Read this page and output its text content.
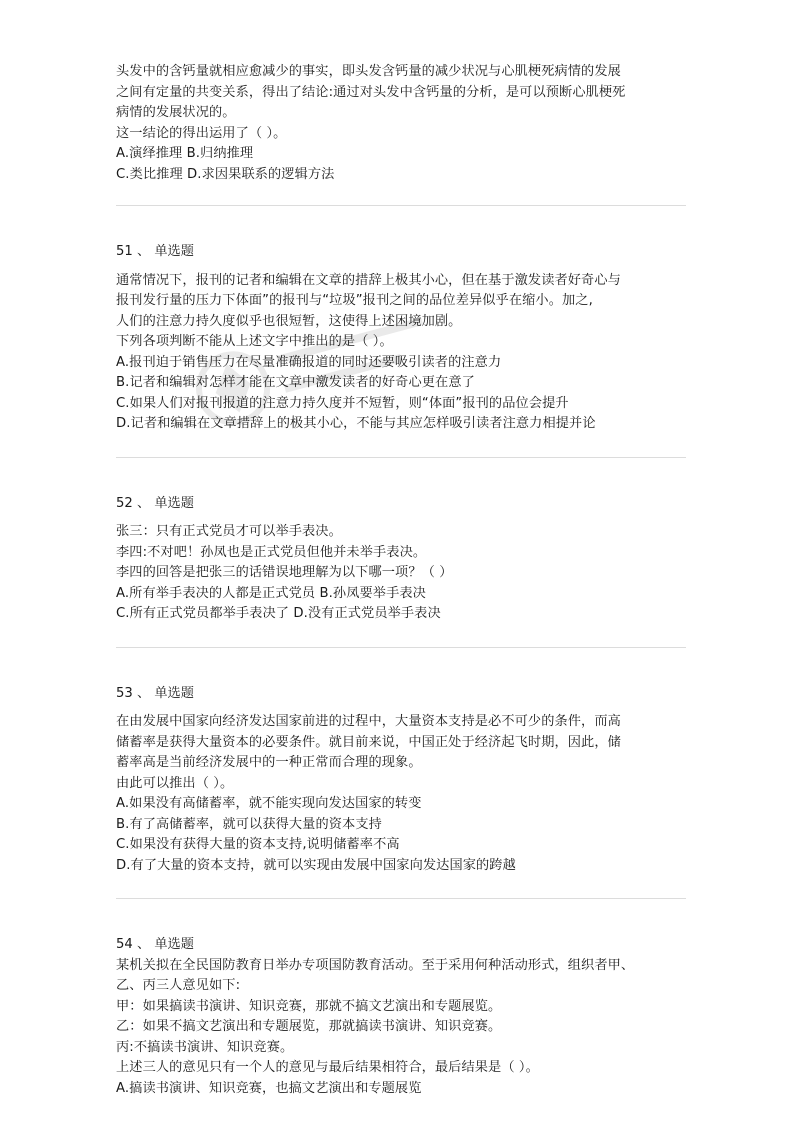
头发中的含钙量就相应愈减少的事实，即头发含钙量的减少状况与心肌梗死病情的发展
之间有定量的共变关系，得出了结论:通过对头发中含钙量的分析，是可以预断心肌梗死
病情的发展状况的。
这一结论的得出运用了（ ）。
A.演绎推理 B.归纳推理
C.类比推理 D.求因果联系的逻辑方法
51 、 单选题
通常情况下，报刊的记者和编辑在文章的措辞上极其小心，但在基于激发读者好奇心与
报刊发行量的压力下体面”的报刊与“垃圾”报刊之间的品位差异似乎在缩小。加之,
人们的注意力持久度似乎也很短暂，这使得上述困境加剧。
下列各项判断不能从上述文字中推出的是（ ）。
A.报刊迫于销售压力在尽量准确报道的同时还要吸引读者的注意力
B.记者和编辑对怎样才能在文章中激发读者的好奇心更在意了
C.如果人们对报刊报道的注意力持久度并不短暂，则“体面”报刊的品位会提升
D.记者和编辑在文章措辞上的极其小心，不能与其应怎样吸引读者注意力相提并论
52 、 单选题
张三：只有正式党员才可以举手表决。
李四:不对吧！孙凤也是正式党员但他并未举手表决。
李四的回答是把张三的话错误地理解为以下哪一项？（ ）
A.所有举手表决的人都是正式党员 B.孙凤要举手表决
C.所有正式党员都举手表决了 D.没有正式党员举手表决
53 、 单选题
在由发展中国家向经济发达国家前进的过程中，大量资本支持是必不可少的条件，而高
储蓄率是获得大量资本的必要条件。就目前来说，中国正处于经济起飞时期，因此，储
蓄率高是当前经济发展中的一种正常而合理的现象。
由此可以推出（ ）。
A.如果没有高储蓄率，就不能实现向发达国家的转变
B.有了高储蓄率，就可以获得大量的资本支持
C.如果没有获得大量的资本支持,说明储蓄率不高
D.有了大量的资本支持，就可以实现由发展中国家向发达国家的跨越
54 、 单选题
某机关拟在全民国防教育日举办专项国防教育活动。至于采用何种活动形式，组织者甲、
乙、丙三人意见如下:
甲：如果搞读书演讲、知识竞赛，那就不搞文艺演出和专题展览。
乙：如果不搞文艺演出和专题展览，那就搞读书演讲、知识竞赛。
丙:不搞读书演讲、知识竞赛。
上述三人的意见只有一个人的意见与最后结果相符合，最后结果是（ ）。
A.搞读书演讲、知识竞赛，也搞文艺演出和专题展览
